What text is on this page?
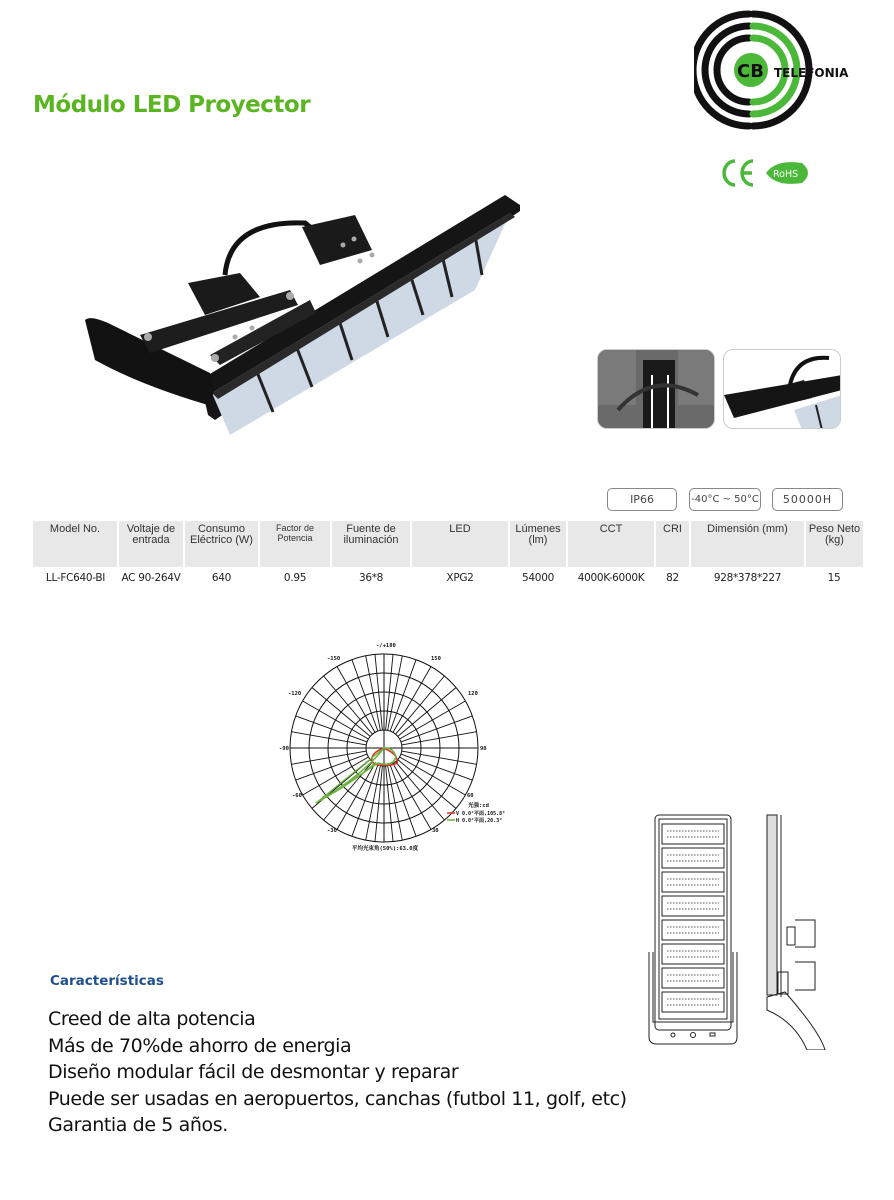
Módulo LED Proyector
CB TELEFONIA
RoHS
IP66	-40°C ~ 50°C	50000H
Model No.	Voltaje de entrada	Consumo Eléctrico (W)	Factor de Potencia	Fuente de iluminación	LED	Lúmenes (lm)	CCT	CRI	Dimensión (mm)	Peso Neto (kg)
LL-FC640-BI	AC 90-264V	640	0.95	36*8	XPG2	54000	4000K-6000K	82	928*378*227	15
-/+180
-150	150
-120	120
-90	90
-60	60
-30	30
光强:cd
V 0.0°平面,105.8°
H 0.0°平面,20.3°
平均光束角(50%):63.0度
Características
Creed de alta potencia
Más de 70%de ahorro de energia
Diseño modular fácil de desmontar y reparar
Puede ser usadas en aeropuertos, canchas (futbol 11, golf, etc)
Garantia de 5 años.
